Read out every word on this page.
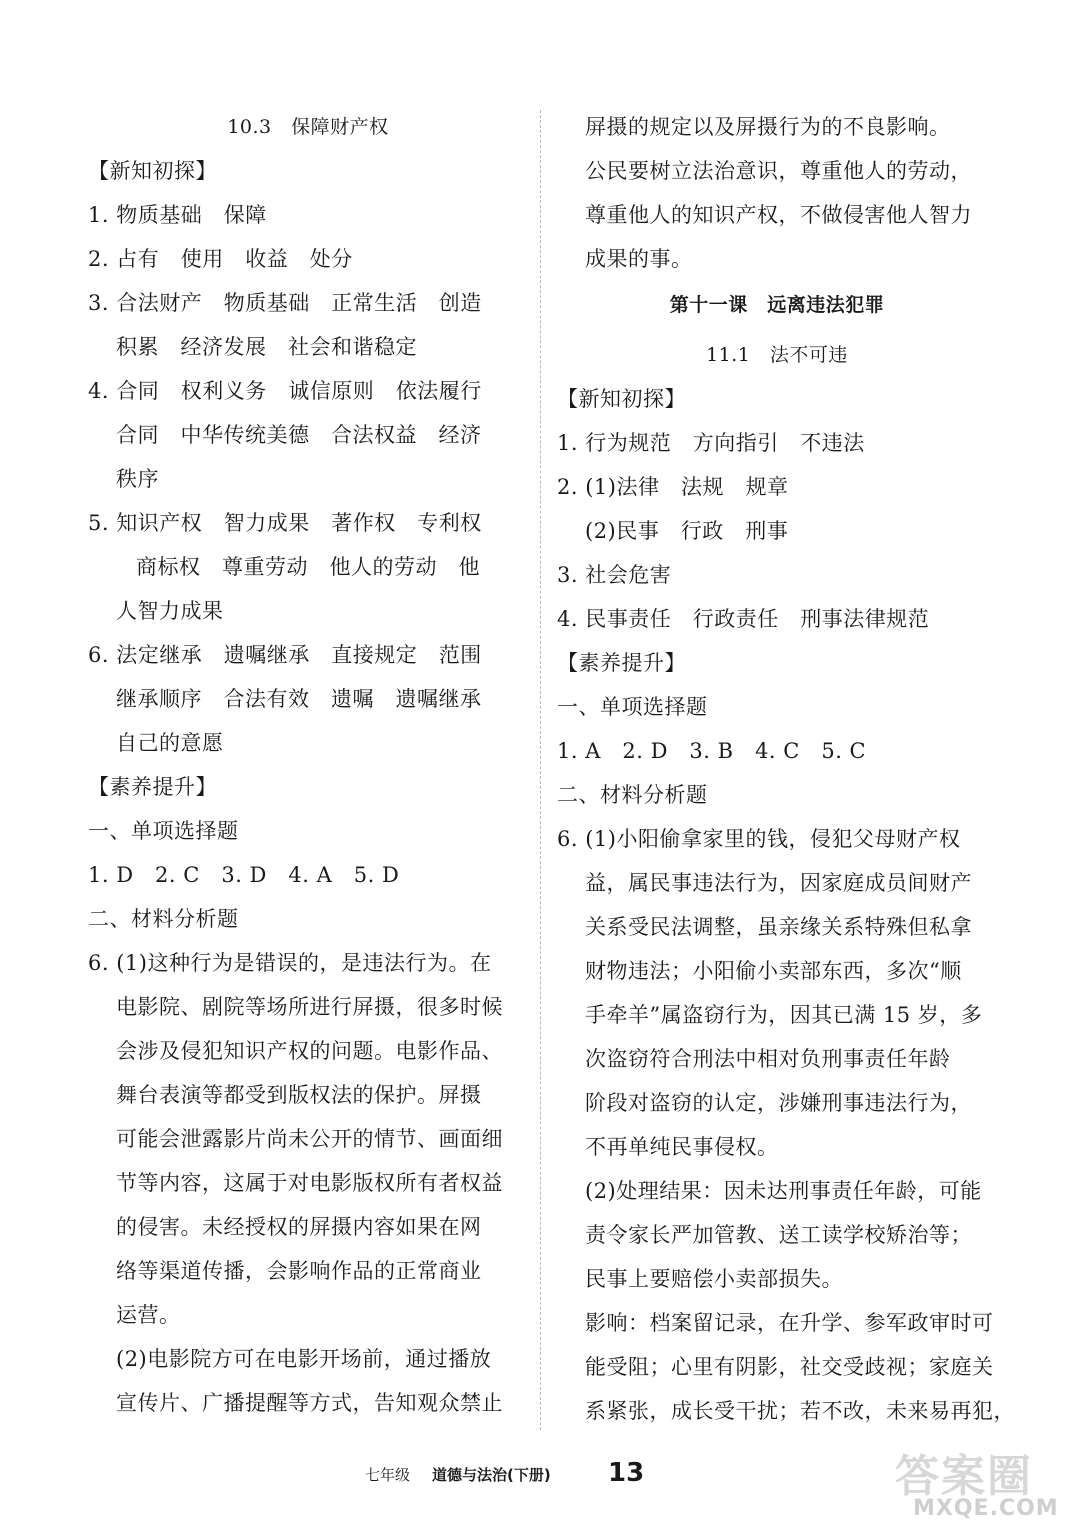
10.3　保障财产权
【新知初探】
1. 物质基础　保障
2. 占有　使用　收益　处分
3. 合法财产　物质基础　正常生活　创造
积累　经济发展　社会和谐稳定
4. 合同　权利义务　诚信原则　依法履行
合同　中华传统美德　合法权益　经济
秩序
5. 知识产权　智力成果　著作权　专利权
商标权　尊重劳动　他人的劳动　他
人智力成果
6. 法定继承　遗嘱继承　直接规定　范围
继承顺序　合法有效　遗嘱　遗嘱继承
自己的意愿
【素养提升】
一、单项选择题
1. D　2. C　3. D　4. A　5. D
二、材料分析题
6. (1)这种行为是错误的，是违法行为。在
电影院、剧院等场所进行屏摄，很多时候
会涉及侵犯知识产权的问题。电影作品、
舞台表演等都受到版权法的保护。屏摄
可能会泄露影片尚未公开的情节、画面细
节等内容，这属于对电影版权所有者权益
的侵害。未经授权的屏摄内容如果在网
络等渠道传播，会影响作品的正常商业
运营。
(2)电影院方可在电影开场前，通过播放
宣传片、广播提醒等方式，告知观众禁止
屏摄的规定以及屏摄行为的不良影响。
公民要树立法治意识，尊重他人的劳动，
尊重他人的知识产权，不做侵害他人智力
成果的事。
第十一课　远离违法犯罪
11.1　法不可违
【新知初探】
1. 行为规范　方向指引　不违法
2. (1)法律　法规　规章
(2)民事　行政　刑事
3. 社会危害
4. 民事责任　行政责任　刑事法律规范
【素养提升】
一、单项选择题
1. A　2. D　3. B　4. C　5. C
二、材料分析题
6. (1)小阳偷拿家里的钱，侵犯父母财产权
益，属民事违法行为，因家庭成员间财产
关系受民法调整，虽亲缘关系特殊但私拿
财物违法；小阳偷小卖部东西，多次“顺
手牵羊”属盗窃行为，因其已满 15 岁，多
次盗窃符合刑法中相对负刑事责任年龄
阶段对盗窃的认定，涉嫌刑事违法行为，
不再单纯民事侵权。
(2)处理结果：因未达刑事责任年龄，可能
责令家长严加管教、送工读学校矫治等；
民事上要赔偿小卖部损失。
影响：档案留记录，在升学、参军政审时可
能受阻；心里有阴影，社交受歧视；家庭关
系紧张，成长受干扰；若不改，未来易再犯，
七年级 道德与法治(下册) 13	答案圈
MXQE.COM
